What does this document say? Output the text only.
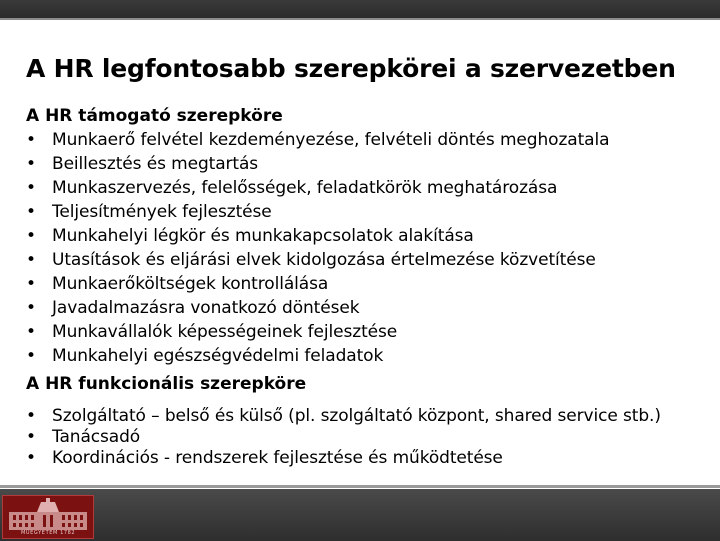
A HR legfontosabb szerepkörei a szervezetben
A HR támogató szerepköre
• Munkaerő felvétel kezdeményezése, felvételi döntés meghozatala
• Beillesztés és megtartás
• Munkaszervezés, felelősségek, feladatkörök meghatározása
• Teljesítmények fejlesztése
• Munkahelyi légkör és munkakapcsolatok alakítása
• Utasítások és eljárási elvek kidolgozása értelmezése közvetítése
• Munkaerőköltségek kontrollálása
• Javadalmazásra vonatkozó döntések
• Munkavállalók képességeinek fejlesztése
• Munkahelyi egészségvédelmi feladatok
A HR funkcionális szerepköre
• Szolgáltató – belső és külső (pl. szolgáltató központ, shared service stb.)
• Tanácsadó
• Koordinációs - rendszerek fejlesztése és működtetése
MŰEGYETEM 1782
